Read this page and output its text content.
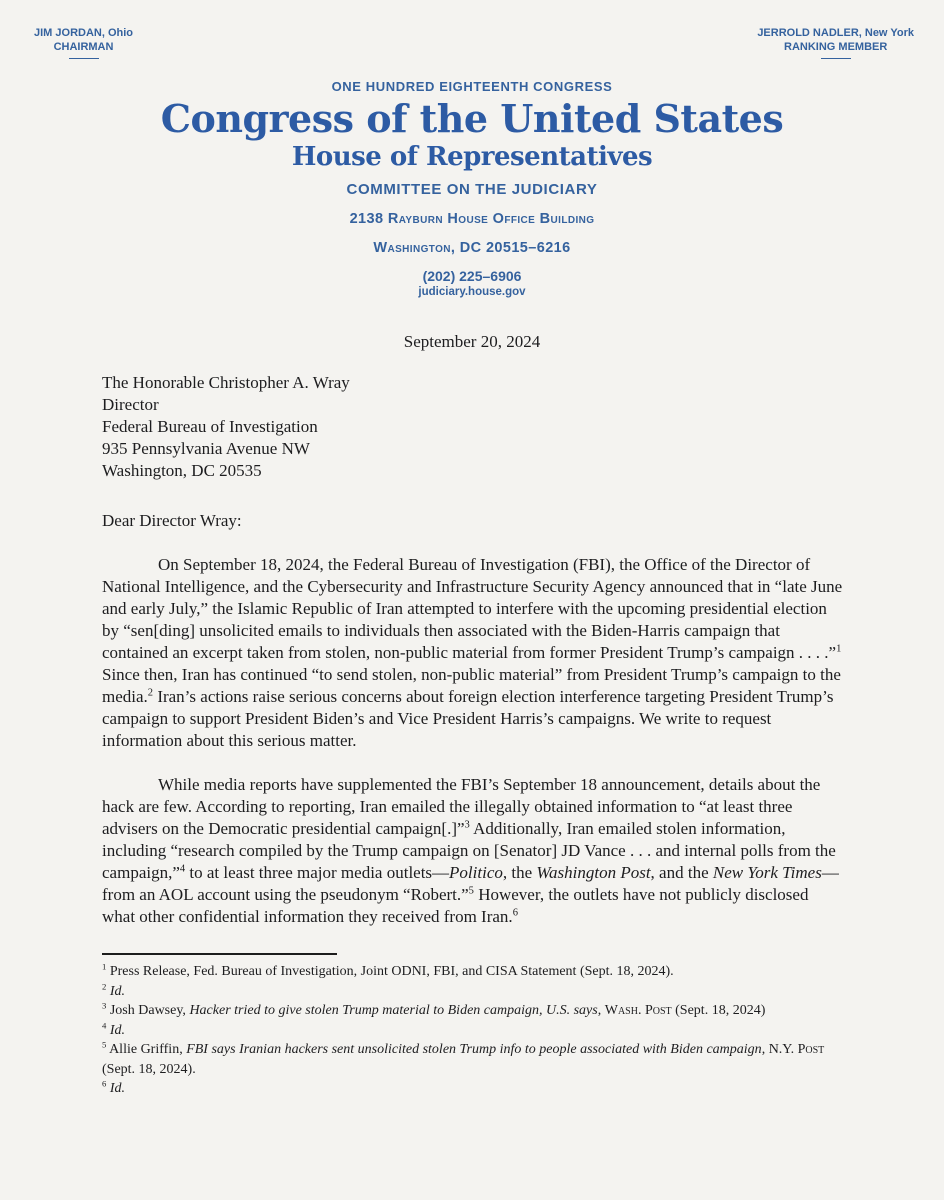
JIM JORDAN, Ohio
CHAIRMAN
JERROLD NADLER, New York
RANKING MEMBER
ONE HUNDRED EIGHTEENTH CONGRESS
Congress of the United States
House of Representatives
COMMITTEE ON THE JUDICIARY
2138 Rayburn House Office Building
Washington, DC 20515–6216
(202) 225–6906
judiciary.house.gov
September 20, 2024
The Honorable Christopher A. Wray
Director
Federal Bureau of Investigation
935 Pennsylvania Avenue NW
Washington, DC 20535
Dear Director Wray:

On September 18, 2024, the Federal Bureau of Investigation (FBI), the Office of the Director of National Intelligence, and the Cybersecurity and Infrastructure Security Agency announced that in “late June and early July,” the Islamic Republic of Iran attempted to interfere with the upcoming presidential election by “sen[ding] unsolicited emails to individuals then associated with the Biden-Harris campaign that contained an excerpt taken from stolen, non-public material from former President Trump’s campaign . . . .”$^1$ Since then, Iran has continued “to send stolen, non-public material” from President Trump’s campaign to the media.$^2$ Iran’s actions raise serious concerns about foreign election interference targeting President Trump’s campaign to support President Biden’s and Vice President Harris’s campaigns. We write to request information about this serious matter.

While media reports have supplemented the FBI’s September 18 announcement, details about the hack are few. According to reporting, Iran emailed the illegally obtained information to “at least three advisers on the Democratic presidential campaign[.]”$^3$ Additionally, Iran emailed stolen information, including “research compiled by the Trump campaign on [Senator] JD Vance . . . and internal polls from the campaign,”$^4$ to at least three major media outlets—Politico, the Washington Post, and the New York Times—from an AOL account using the pseudonym “Robert.”$^5$ However, the outlets have not publicly disclosed what other confidential information they received from Iran.$^6$

$^1$ Press Release, Fed. Bureau of Investigation, Joint ODNI, FBI, and CISA Statement (Sept. 18, 2024).
$^2$ Id.
$^3$ Josh Dawsey, Hacker tried to give stolen Trump material to Biden campaign, U.S. says, Wash. Post (Sept. 18, 2024)
$^4$ Id.
$^5$ Allie Griffin, FBI says Iranian hackers sent unsolicited stolen Trump info to people associated with Biden campaign, N.Y. Post (Sept. 18, 2024).
$^6$ Id.
